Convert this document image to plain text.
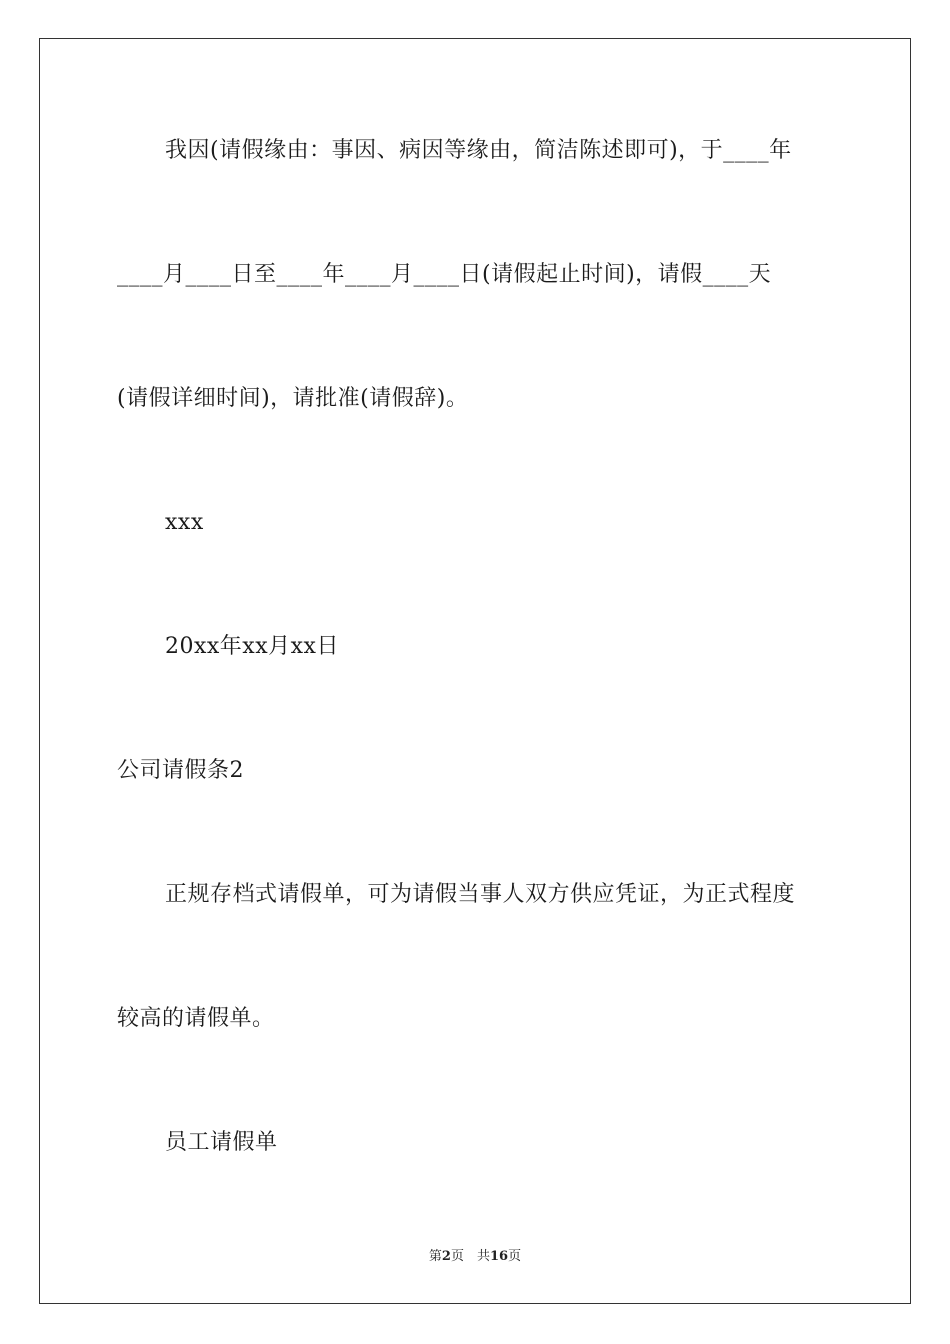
我因(请假缘由：事因、病因等缘由，简洁陈述即可)，于____年

____月____日至____年____月____日(请假起止时间)，请假____天

(请假详细时间)，请批准(请假辞)。

xxx

20xx年xx月xx日

公司请假条2

正规存档式请假单，可为请假当事人双方供应凭证，为正式程度

较高的请假单。

员工请假单

第2页　共16页
